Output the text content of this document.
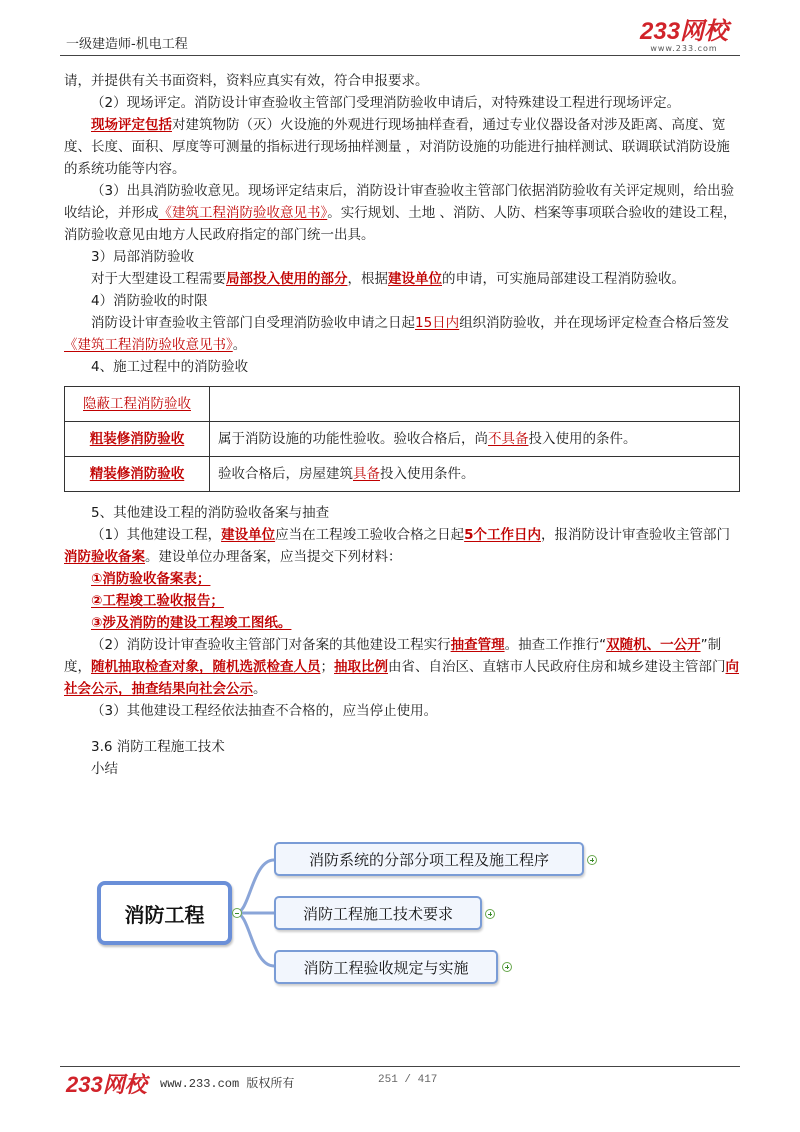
一级建造师-机电工程	233网校
www.233.com

请，并提供有关书面资料，资料应真实有效，符合申报要求。

（2）现场评定。消防设计审查验收主管部门受理消防验收申请后，对特殊建设工程进行现场评定。

现场评定包括对建筑物防（灭）火设施的外观进行现场抽样查看，通过专业仪器设备对涉及距离、高度、宽度、长度、面积、厚度等可测量的指标进行现场抽样测量 ，对消防设施的功能进行抽样测试、联调联试消防设施的系统功能等内容。

（3）出具消防验收意见。现场评定结束后，消防设计审查验收主管部门依据消防验收有关评定规则，给出验收结论，并形成《建筑工程消防验收意见书》。实行规划、土地 、消防、人防、档案等事项联合验收的建设工程，消防验收意见由地方人民政府指定的部门统一出具。

3）局部消防验收

对于大型建设工程需要局部投入使用的部分，根据建设单位的申请，可实施局部建设工程消防验收。

4）消防验收的时限

消防设计审查验收主管部门自受理消防验收申请之日起15日内组织消防验收，并在现场评定检查合格后签发《建筑工程消防验收意见书》。

4、施工过程中的消防验收

隐蔽工程消防验收	
粗装修消防验收	属于消防设施的功能性验收。验收合格后，尚不具备投入使用的条件。
精装修消防验收	验收合格后，房屋建筑具备投入使用条件。

5、其他建设工程的消防验收备案与抽查

（1）其他建设工程，建设单位应当在工程竣工验收合格之日起5个工作日内，报消防设计审查验收主管部门消防验收备案。建设单位办理备案，应当提交下列材料：

①消防验收备案表；

②工程竣工验收报告；

③涉及消防的建设工程竣工图纸。

（2）消防设计审查验收主管部门对备案的其他建设工程实行抽查管理。抽查工作推行“双随机、一公开”制度，随机抽取检查对象，随机选派检查人员；抽取比例由省、自治区、直辖市人民政府住房和城乡建设主管部门向社会公示，抽查结果向社会公示。

（3）其他建设工程经依法抽查不合格的，应当停止使用。

3.6 消防工程施工技术

小结

消防工程
消防系统的分部分项工程及施工程序
消防工程施工技术要求
消防工程验收规定与实施
233网校 www.233.com 版权所有	251 / 417
